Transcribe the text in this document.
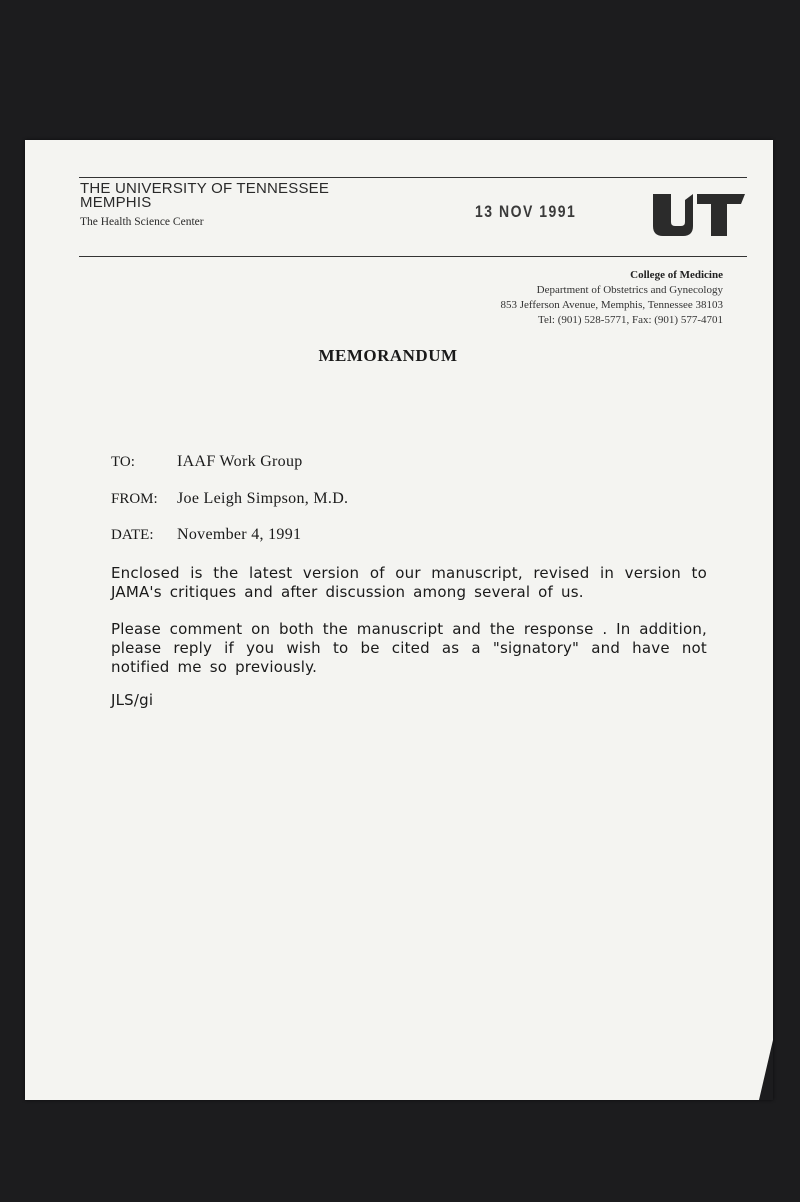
THE UNIVERSITY OF TENNESSEE
MEMPHIS
The Health Science Center
13 NOV 1991
College of Medicine
Department of Obstetrics and Gynecology
853 Jefferson Avenue, Memphis, Tennessee 38103
Tel: (901) 528-5771, Fax: (901) 577-4701
MEMORANDUM
TO:	IAAF Work Group
FROM: Joe Leigh Simpson, M.D.
DATE: November 4, 1991
Enclosed is the latest version of our manuscript, revised in version to JAMA's critiques and after discussion among several of us.
Please comment on both the manuscript and the response . In addition, please reply if you wish to be cited as a "signatory" and have not notified me so previously.
JLS/gi
